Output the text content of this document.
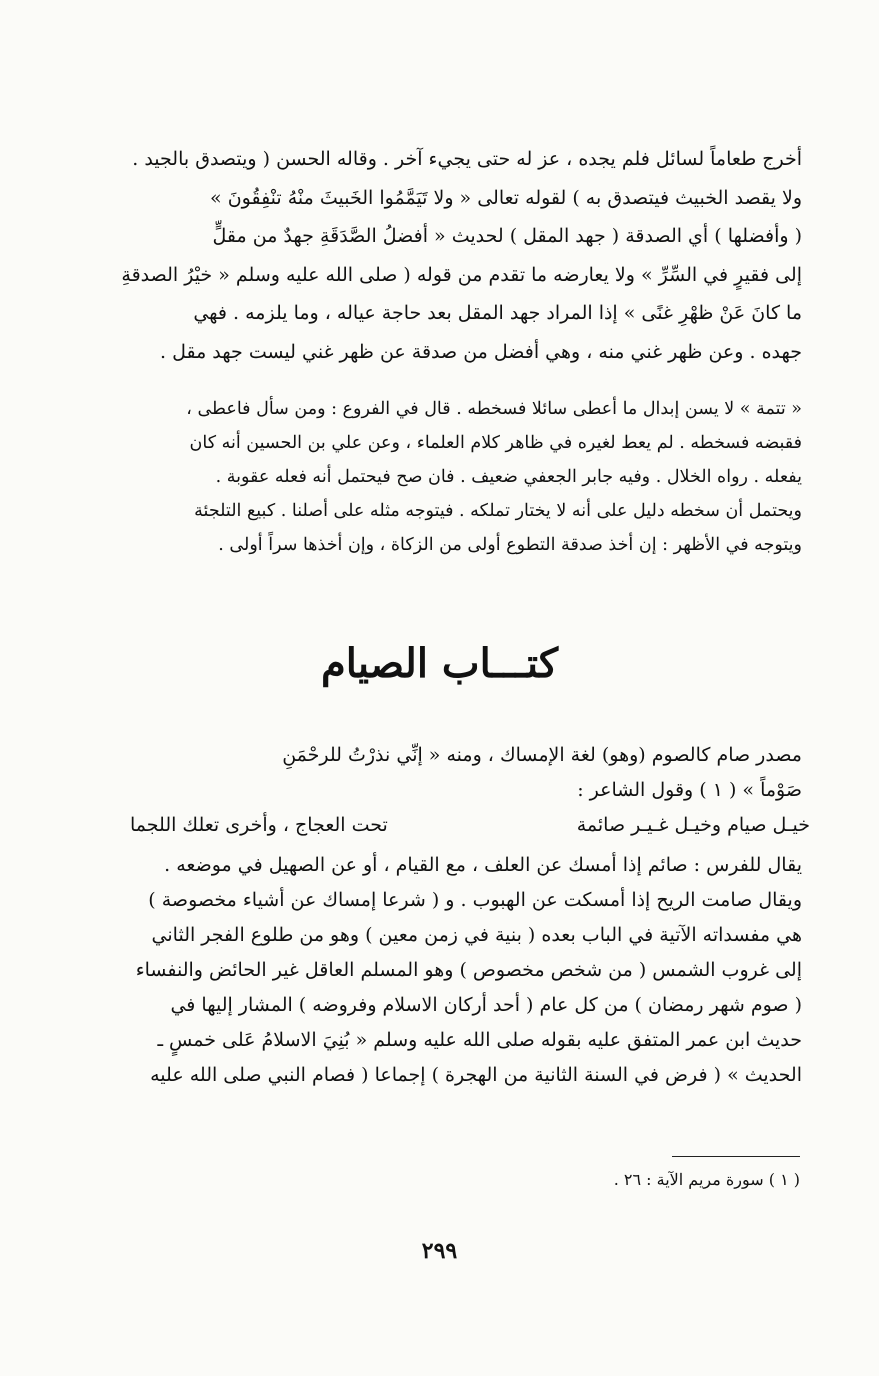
أخرج طعاماً لسائل فلم يجده ، عز له حتى يجيء آخر . وقاله الحسن ( ويتصدق بالجيد .
ولا يقصد الخبيث فيتصدق به ) لقوله تعالى « ولا تَيَمَّمُوا الخَبيثَ منْهُ تنْفِقُونَ »
( وأفضلها ) أي الصدقة ( جهد المقل ) لحديث « أفضلُ الصَّدَقَةِ جهدٌ من مقلٍّ
إلى فقيرٍ في السِّرِّ » ولا يعارضه ما تقدم من قوله ( صلى الله عليه وسلم « خيْرُ الصدقةِ
ما كانَ عَنْ ظهْرِ غنًى » إذا المراد جهد المقل بعد حاجة عياله ، وما يلزمه . فهي
جهده . وعن ظهر غني منه ، وهي أفضل من صدقة عن ظهر غني ليست جهد مقل .
« تتمة » لا يسن إبدال ما أعطى سائلا فسخطه . قال في الفروع : ومن سأل فاعطى ،
فقبضه فسخطه . لم يعط لغيره في ظاهر كلام العلماء ، وعن علي بن الحسين أنه كان
يفعله . رواه الخلال . وفيه جابر الجعفي ضعيف . فان صح فيحتمل أنه فعله عقوبة .
ويحتمل أن سخطه دليل على أنه لا يختار تملكه . فيتوجه مثله على أصلنا . كبيع التلجئة
ويتوجه في الأظهر : إن أخذ صدقة التطوع أولى من الزكاة ، وإن أخذها سراً أولى .
كتـــاب الصيام
مصدر صام كالصوم (وهو) لغة الإمساك ، ومنه « إنِّي نذرْتُ للرحْمَنِ
صَوْماً » ( ١ ) وقول الشاعر :
خيـل صيام وخيـل غـيـر صائمة
تحت العجاج ، وأخرى تعلك اللجما
يقال للفرس : صائم إذا أمسك عن العلف ، مع القيام ، أو عن الصهيل في موضعه .
ويقال صامت الريح إذا أمسكت عن الهبوب . و ( شرعا إمساك عن أشياء مخصوصة )
هي مفسداته الآتية في الباب بعده ( بنية في زمن معين ) وهو من طلوع الفجر الثاني
إلى غروب الشمس ( من شخص مخصوص ) وهو المسلم العاقل غير الحائض والنفساء
( صوم شهر رمضان ) من كل عام ( أحد أركان الاسلام وفروضه ) المشار إليها في
حديث ابن عمر المتفق عليه بقوله صلى الله عليه وسلم « بُنِيَ الاسلامُ عَلى خمسٍ ـ
الحديث » ( فرض في السنة الثانية من الهجرة ) إجماعا ( فصام النبي صلى الله عليه
( ١ ) سورة مريم الآية : ٢٦ .
٢٩٩
